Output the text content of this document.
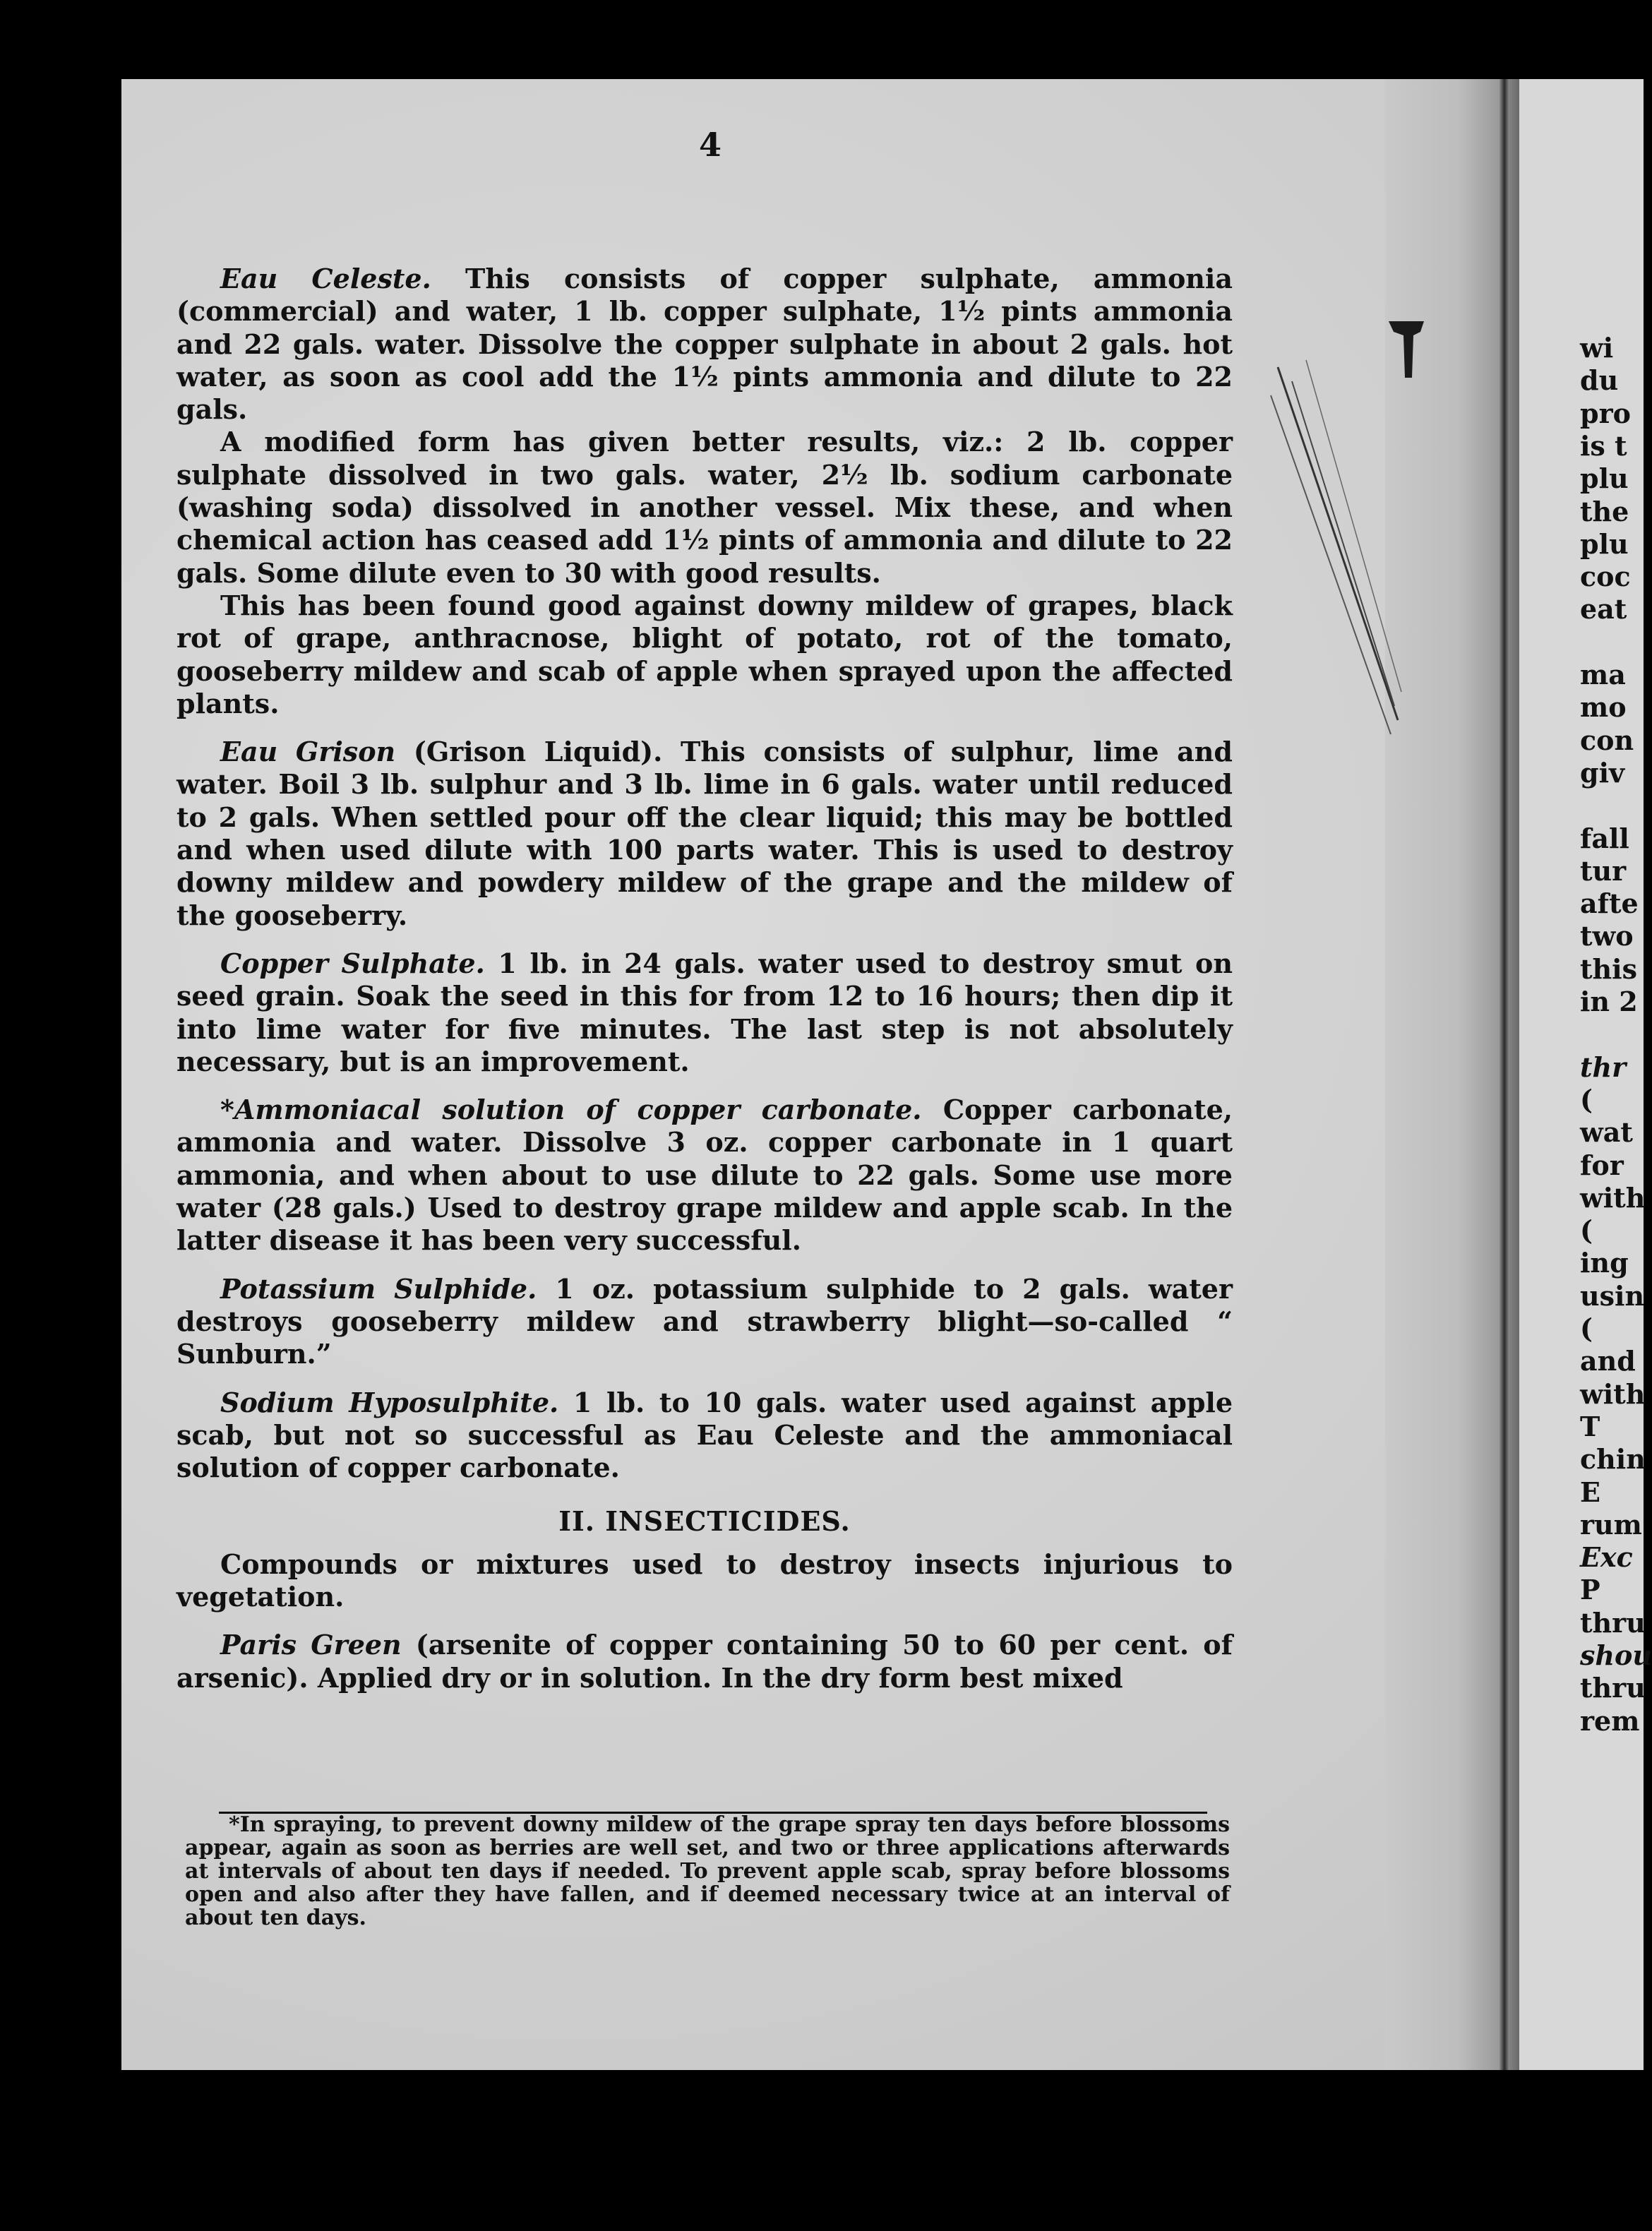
4

Eau Celeste. This consists of copper sulphate, ammonia (commercial) and water, 1 lb. copper sulphate, 1½ pints ammonia and 22 gals. water. Dissolve the copper sulphate in about 2 gals. hot water, as soon as cool add the 1½ pints ammonia and dilute to 22 gals.

A modified form has given better results, viz.: 2 lb. copper sulphate dissolved in two gals. water, 2½ lb. sodium carbonate (washing soda) dissolved in another vessel. Mix these, and when chemical action has ceased add 1½ pints of ammonia and dilute to 22 gals. Some dilute even to 30 with good results.

This has been found good against downy mildew of grapes, black rot of grape, anthracnose, blight of potato, rot of the tomato, gooseberry mildew and scab of apple when sprayed upon the affected plants.

Eau Grison (Grison Liquid). This consists of sulphur, lime and water. Boil 3 lb. sulphur and 3 lb. lime in 6 gals. water until reduced to 2 gals. When settled pour off the clear liquid; this may be bottled and when used dilute with 100 parts water. This is used to destroy downy mildew and powdery mildew of the grape and the mildew of the gooseberry.

Copper Sulphate. 1 lb. in 24 gals. water used to destroy smut on seed grain. Soak the seed in this for from 12 to 16 hours; then dip it into lime water for five minutes. The last step is not absolutely necessary, but is an improvement.

*Ammoniacal solution of copper carbonate. Copper carbonate, ammonia and water. Dissolve 3 oz. copper carbonate in 1 quart ammonia, and when about to use dilute to 22 gals. Some use more water (28 gals.) Used to destroy grape mildew and apple scab. In the latter disease it has been very successful.

Potassium Sulphide. 1 oz. potassium sulphide to 2 gals. water destroys gooseberry mildew and strawberry blight—so-called “ Sunburn.”

Sodium Hyposulphite. 1 lb. to 10 gals. water used against apple scab, but not so successful as Eau Celeste and the ammoniacal solution of copper carbonate.

II. INSECTICIDES.

Compounds or mixtures used to destroy insects injurious to vegetation.

Paris Green (arsenite of copper containing 50 to 60 per cent. of arsenic). Applied dry or in solution. In the dry form best mixed

*In spraying, to prevent downy mildew of the grape spray ten days before blossoms appear, again as soon as berries are well set, and two or three applications afterwards at intervals of about ten days if needed. To prevent apple scab, spray before blossoms open and also after they have fallen, and if deemed necessary twice at an interval of about ten days.

wi
du
pro
is t
plu
the
plu
coc
eat
ma
mo
con
giv
fall
tur
afte
two
this
in 2
thr
(
wat
for
with
(
ing
usin
(
and
with
T
chin
E
rum
Exc
P
thru
shou
thru
rem
